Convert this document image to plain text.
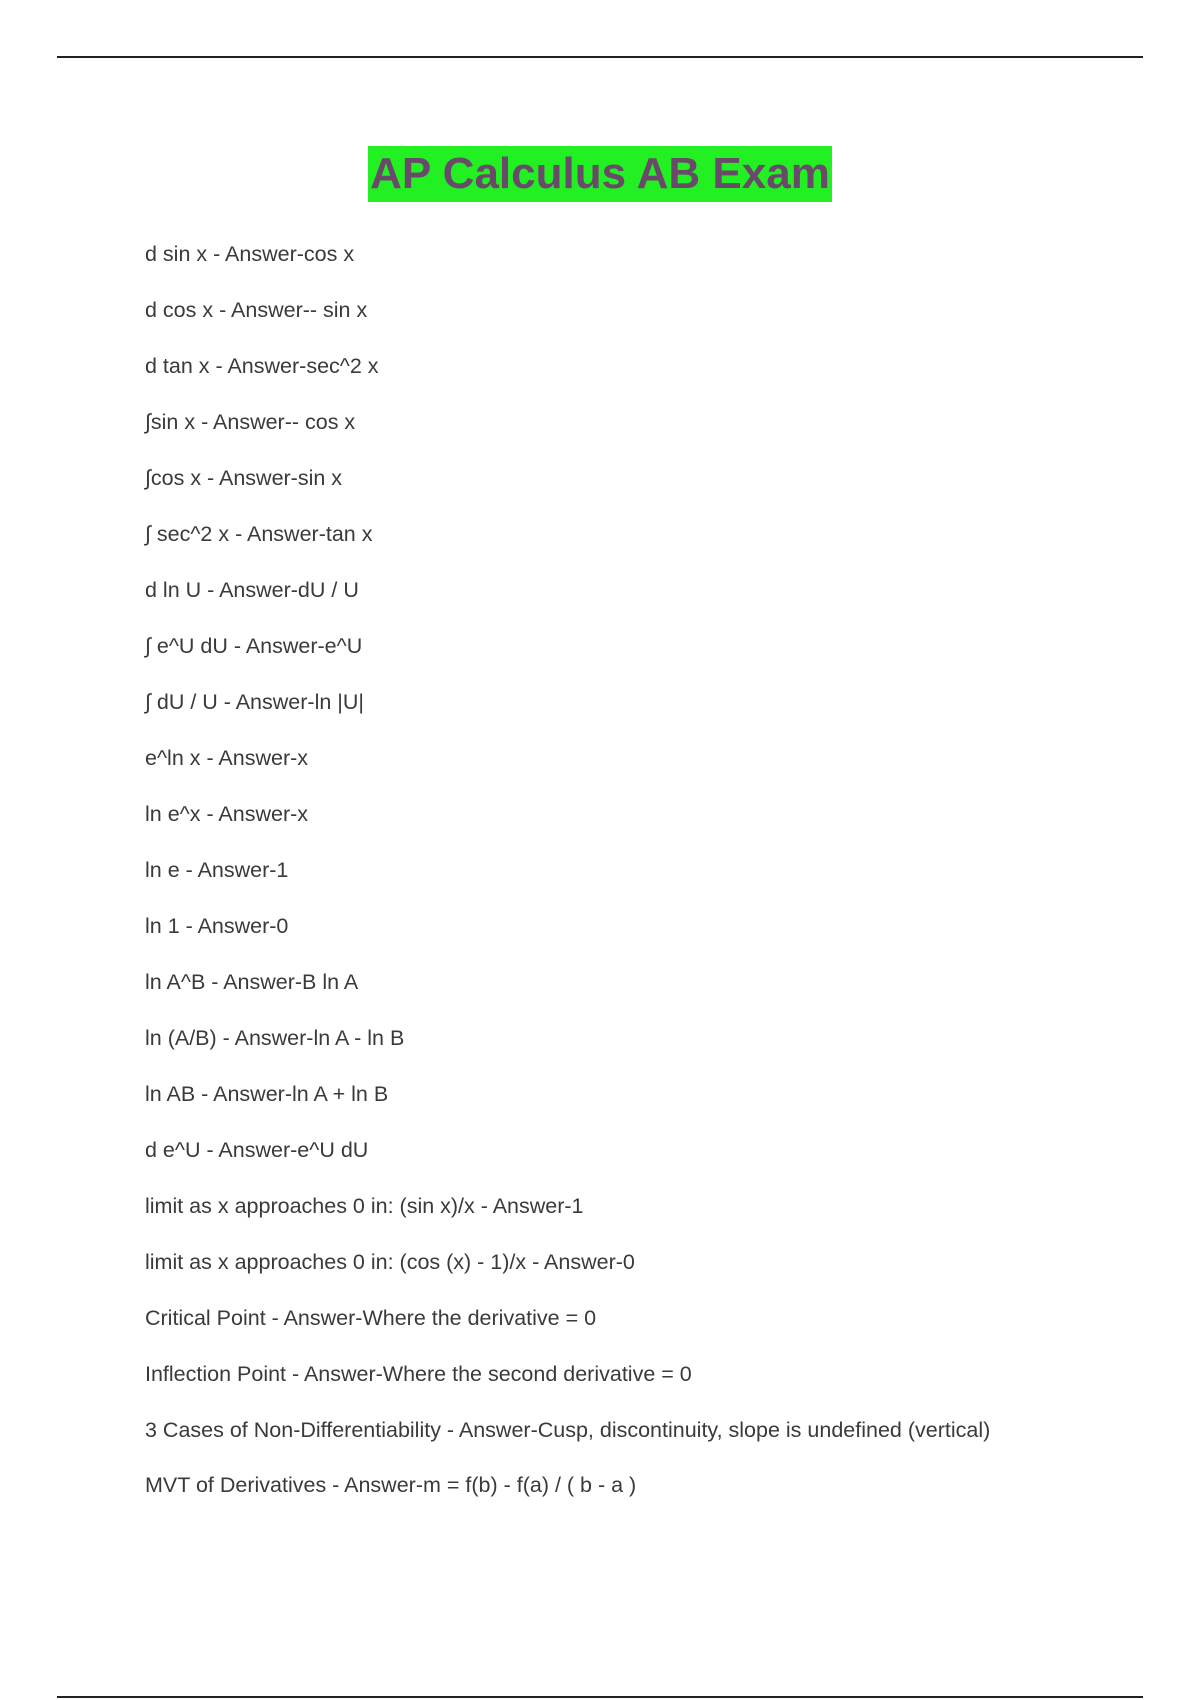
AP Calculus AB Exam
d sin x - Answer-cos x
d cos x - Answer-- sin x
d tan x - Answer-sec^2 x
∫sin x - Answer-- cos x
∫cos x - Answer-sin x
∫ sec^2 x - Answer-tan x
d ln U - Answer-dU / U
∫ e^U dU - Answer-e^U
∫ dU / U - Answer-ln |U|
e^ln x - Answer-x
ln e^x - Answer-x
ln e - Answer-1
ln 1 - Answer-0
ln A^B - Answer-B ln A
ln (A/B) - Answer-ln A - ln B
ln AB - Answer-ln A + ln B
d e^U - Answer-e^U dU
limit as x approaches 0 in: (sin x)/x - Answer-1
limit as x approaches 0 in: (cos (x) - 1)/x - Answer-0
Critical Point - Answer-Where the derivative = 0
Inflection Point - Answer-Where the second derivative = 0
3 Cases of Non-Differentiability - Answer-Cusp, discontinuity, slope is undefined (vertical)
MVT of Derivatives - Answer-m = f(b) - f(a) / ( b - a )
